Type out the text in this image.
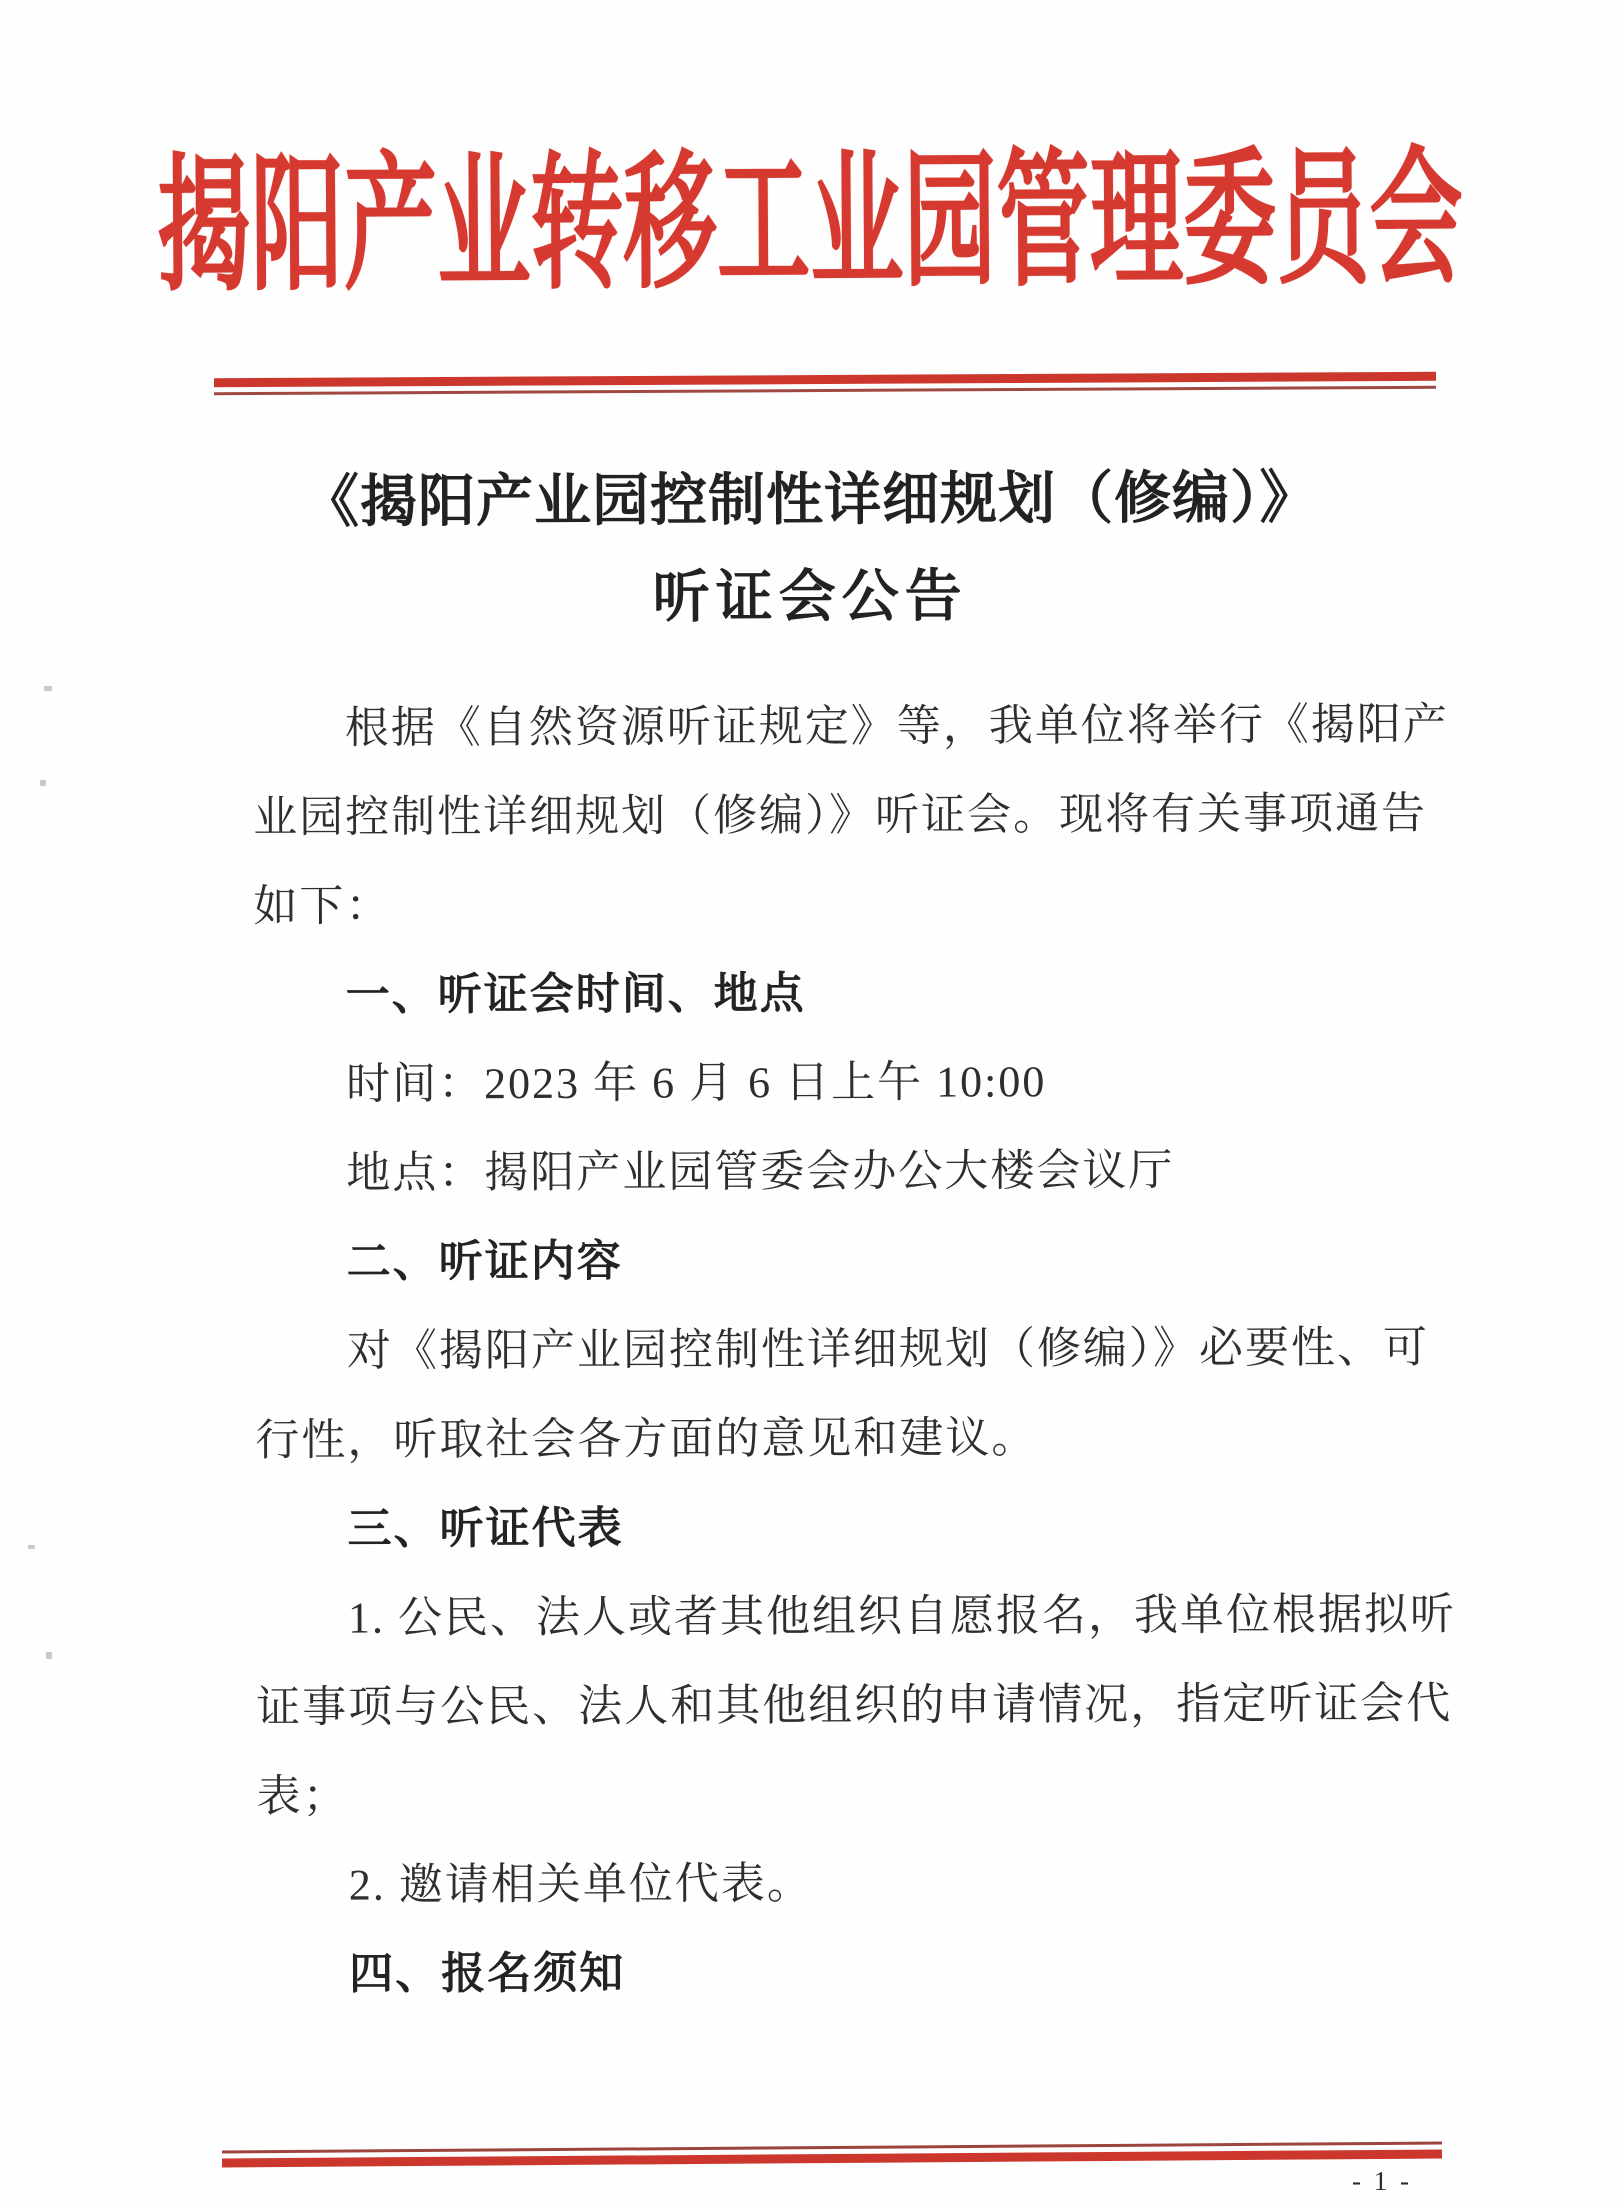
揭阳产业转移工业园管理委员会
《揭阳产业园控制性详细规划（修编）》
听证会公告
根据《自然资源听证规定》等，我单位将举行《揭阳产
业园控制性详细规划（修编）》听证会。现将有关事项通告
如下：
一、听证会时间、地点
时间：2023 年 6 月 6 日上午 10:00
地点：揭阳产业园管委会办公大楼会议厅
二、听证内容
对《揭阳产业园控制性详细规划（修编）》必要性、可
行性，听取社会各方面的意见和建议。
三、听证代表
1. 公民、法人或者其他组织自愿报名，我单位根据拟听
证事项与公民、法人和其他组织的申请情况，指定听证会代
表；
2. 邀请相关单位代表。
四、报名须知
- 1 -
